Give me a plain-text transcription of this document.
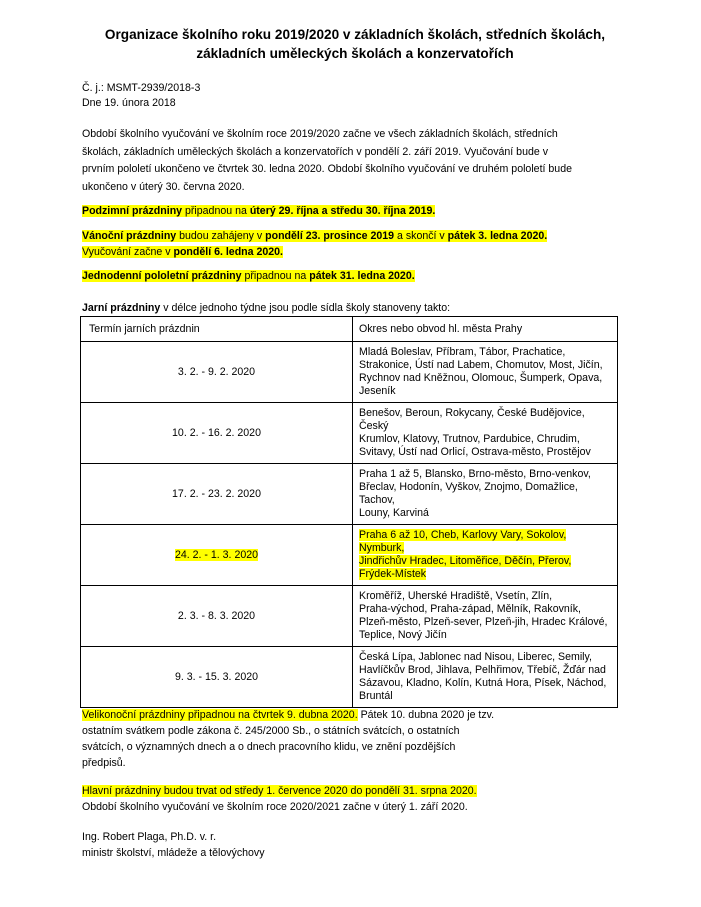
Organizace školního roku 2019/2020 v základních školách, středních školách,
základních uměleckých školách a konzervatořích
Č. j.: MSMT-2939/2018-3
Dne 19. února 2018
Období školního vyučování ve školním roce 2019/2020 začne ve všech základních školách, středních
školách, základních uměleckých školách a konzervatořích v pondělí 2. září 2019. Vyučování bude v
prvním pololetí ukončeno ve čtvrtek 30. ledna 2020. Období školního vyučování ve druhém pololetí bude
ukončeno v úterý 30. června 2020.
Podzimní prázdniny připadnou na úterý 29. října a středu 30. října 2019.
Vánoční prázdniny budou zahájeny v pondělí 23. prosince 2019 a skončí v pátek 3. ledna 2020.
Vyučování začne v pondělí 6. ledna 2020.
Jednodenní pololetní prázdniny připadnou na pátek 31. ledna 2020.
Jarní prázdniny v délce jednoho týdne jsou podle sídla školy stanoveny takto:
Termín jarních prázdnin	Okres nebo obvod hl. města Prahy
3. 2. - 9. 2. 2020	Mladá Boleslav, Příbram, Tábor, Prachatice,
Strakonice, Ústí nad Labem, Chomutov, Most, Jičín,
Rychnov nad Kněžnou, Olomouc, Šumperk, Opava,
Jeseník

10. 2. - 16. 2. 2020	Benešov, Beroun, Rokycany, České Budějovice, Český
Krumlov, Klatovy, Trutnov, Pardubice, Chrudim,
Svitavy, Ústí nad Orlicí, Ostrava-město, Prostějov

17. 2. - 23. 2. 2020	Praha 1 až 5, Blansko, Brno-město, Brno-venkov,
Břeclav, Hodonín, Vyškov, Znojmo, Domažlice, Tachov,
Louny, Karviná

24. 2. - 1. 3. 2020	Praha 6 až 10, Cheb, Karlovy Vary, Sokolov, Nymburk,
Jindřichův Hradec, Litoměřice, Děčín, Přerov,
Frýdek-Místek

2. 3. - 8. 3. 2020	Kroměříž, Uherské Hradiště, Vsetín, Zlín,
Praha-východ, Praha-západ, Mělník, Rakovník,
Plzeň-město, Plzeň-sever, Plzeň-jih, Hradec Králové,
Teplice, Nový Jičín

9. 3. - 15. 3. 2020	Česká Lípa, Jablonec nad Nisou, Liberec, Semily,
Havlíčkův Brod, Jihlava, Pelhřimov, Třebíč, Žďár nad
Sázavou, Kladno, Kolín, Kutná Hora, Písek, Náchod,
Bruntál
Velikonoční prázdniny připadnou na čtvrtek 9. dubna 2020. Pátek 10. dubna 2020 je tzv.
ostatním svátkem podle zákona č. 245/2000 Sb., o státních svátcích, o ostatních
svátcích, o významných dnech a o dnech pracovního klidu, ve znění pozdějších
předpisů.
Hlavní prázdniny budou trvat od středy 1. července 2020 do pondělí 31. srpna 2020.
Období školního vyučování ve školním roce 2020/2021 začne v úterý 1. září 2020.
Ing. Robert Plaga, Ph.D. v. r.
ministr školství, mládeže a tělovýchovy
